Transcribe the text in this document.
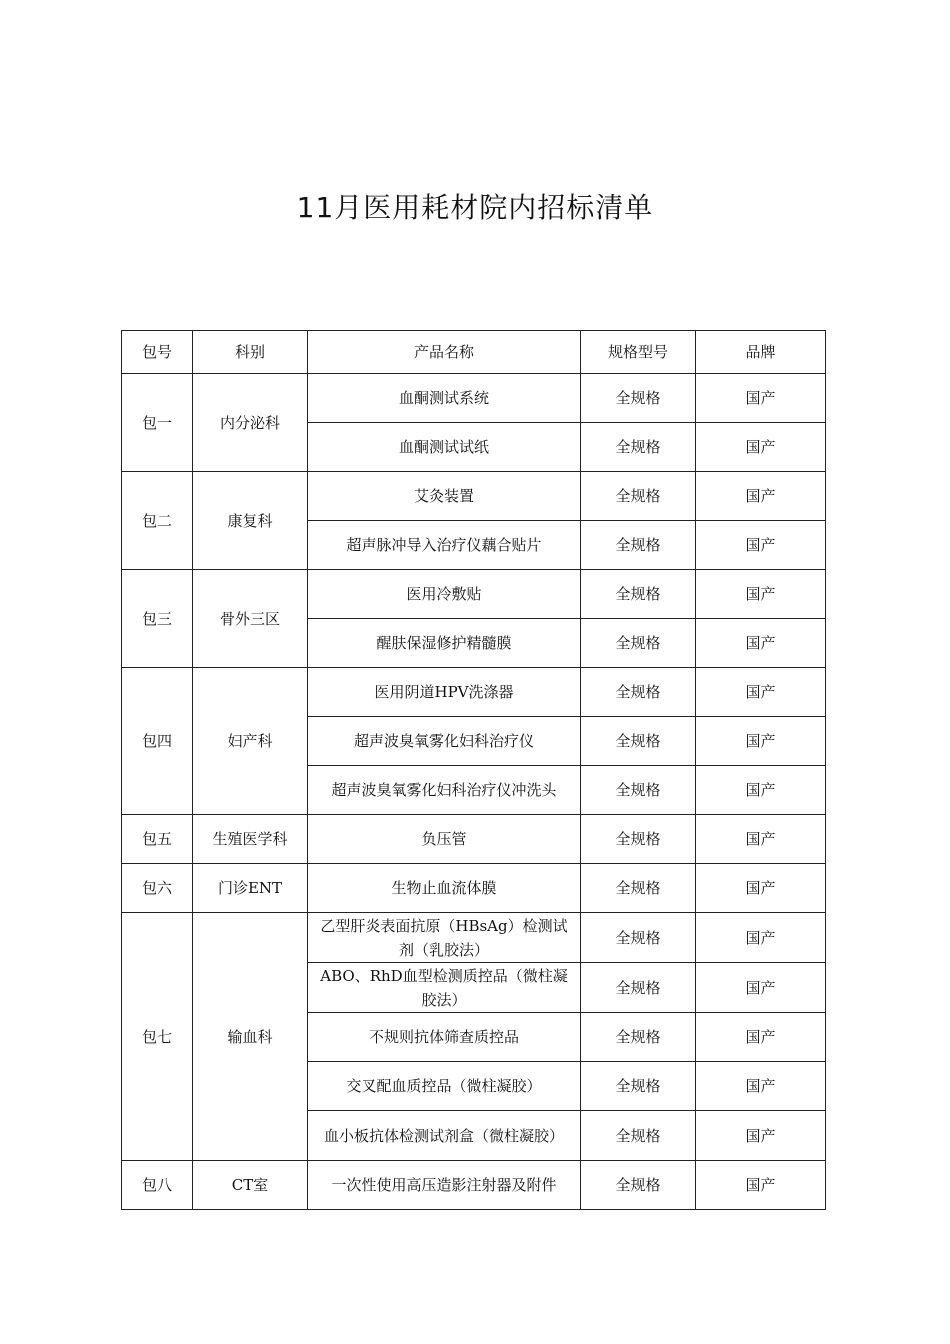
11月医用耗材院内招标清单
包号	科别	产品名称	规格型号	品牌
包一	内分泌科	血酮测试系统	全规格	国产
		血酮测试试纸	全规格	国产
包二	康复科	艾灸装置	全规格	国产
		超声脉冲导入治疗仪藕合贴片	全规格	国产
包三	骨外三区	医用冷敷贴	全规格	国产
		醒肤保湿修护精髓膜	全规格	国产
包四	妇产科	医用阴道HPV洗涤器	全规格	国产
		超声波臭氧雾化妇科治疗仪	全规格	国产
		超声波臭氧雾化妇科治疗仪冲洗头	全规格	国产
包五	生殖医学科	负压管	全规格	国产
包六	门诊ENT	生物止血流体膜	全规格	国产
包七	输血科	乙型肝炎表面抗原（HBsAg）检测试剂（乳胶法）	全规格	国产
		ABO、RhD血型检测质控品（微柱凝胶法）	全规格	国产
		不规则抗体筛查质控品	全规格	国产
		交叉配血质控品（微柱凝胶）	全规格	国产
		血小板抗体检测试剂盒（微柱凝胶）	全规格	国产
包八	CT室	一次性使用高压造影注射器及附件	全规格	国产
